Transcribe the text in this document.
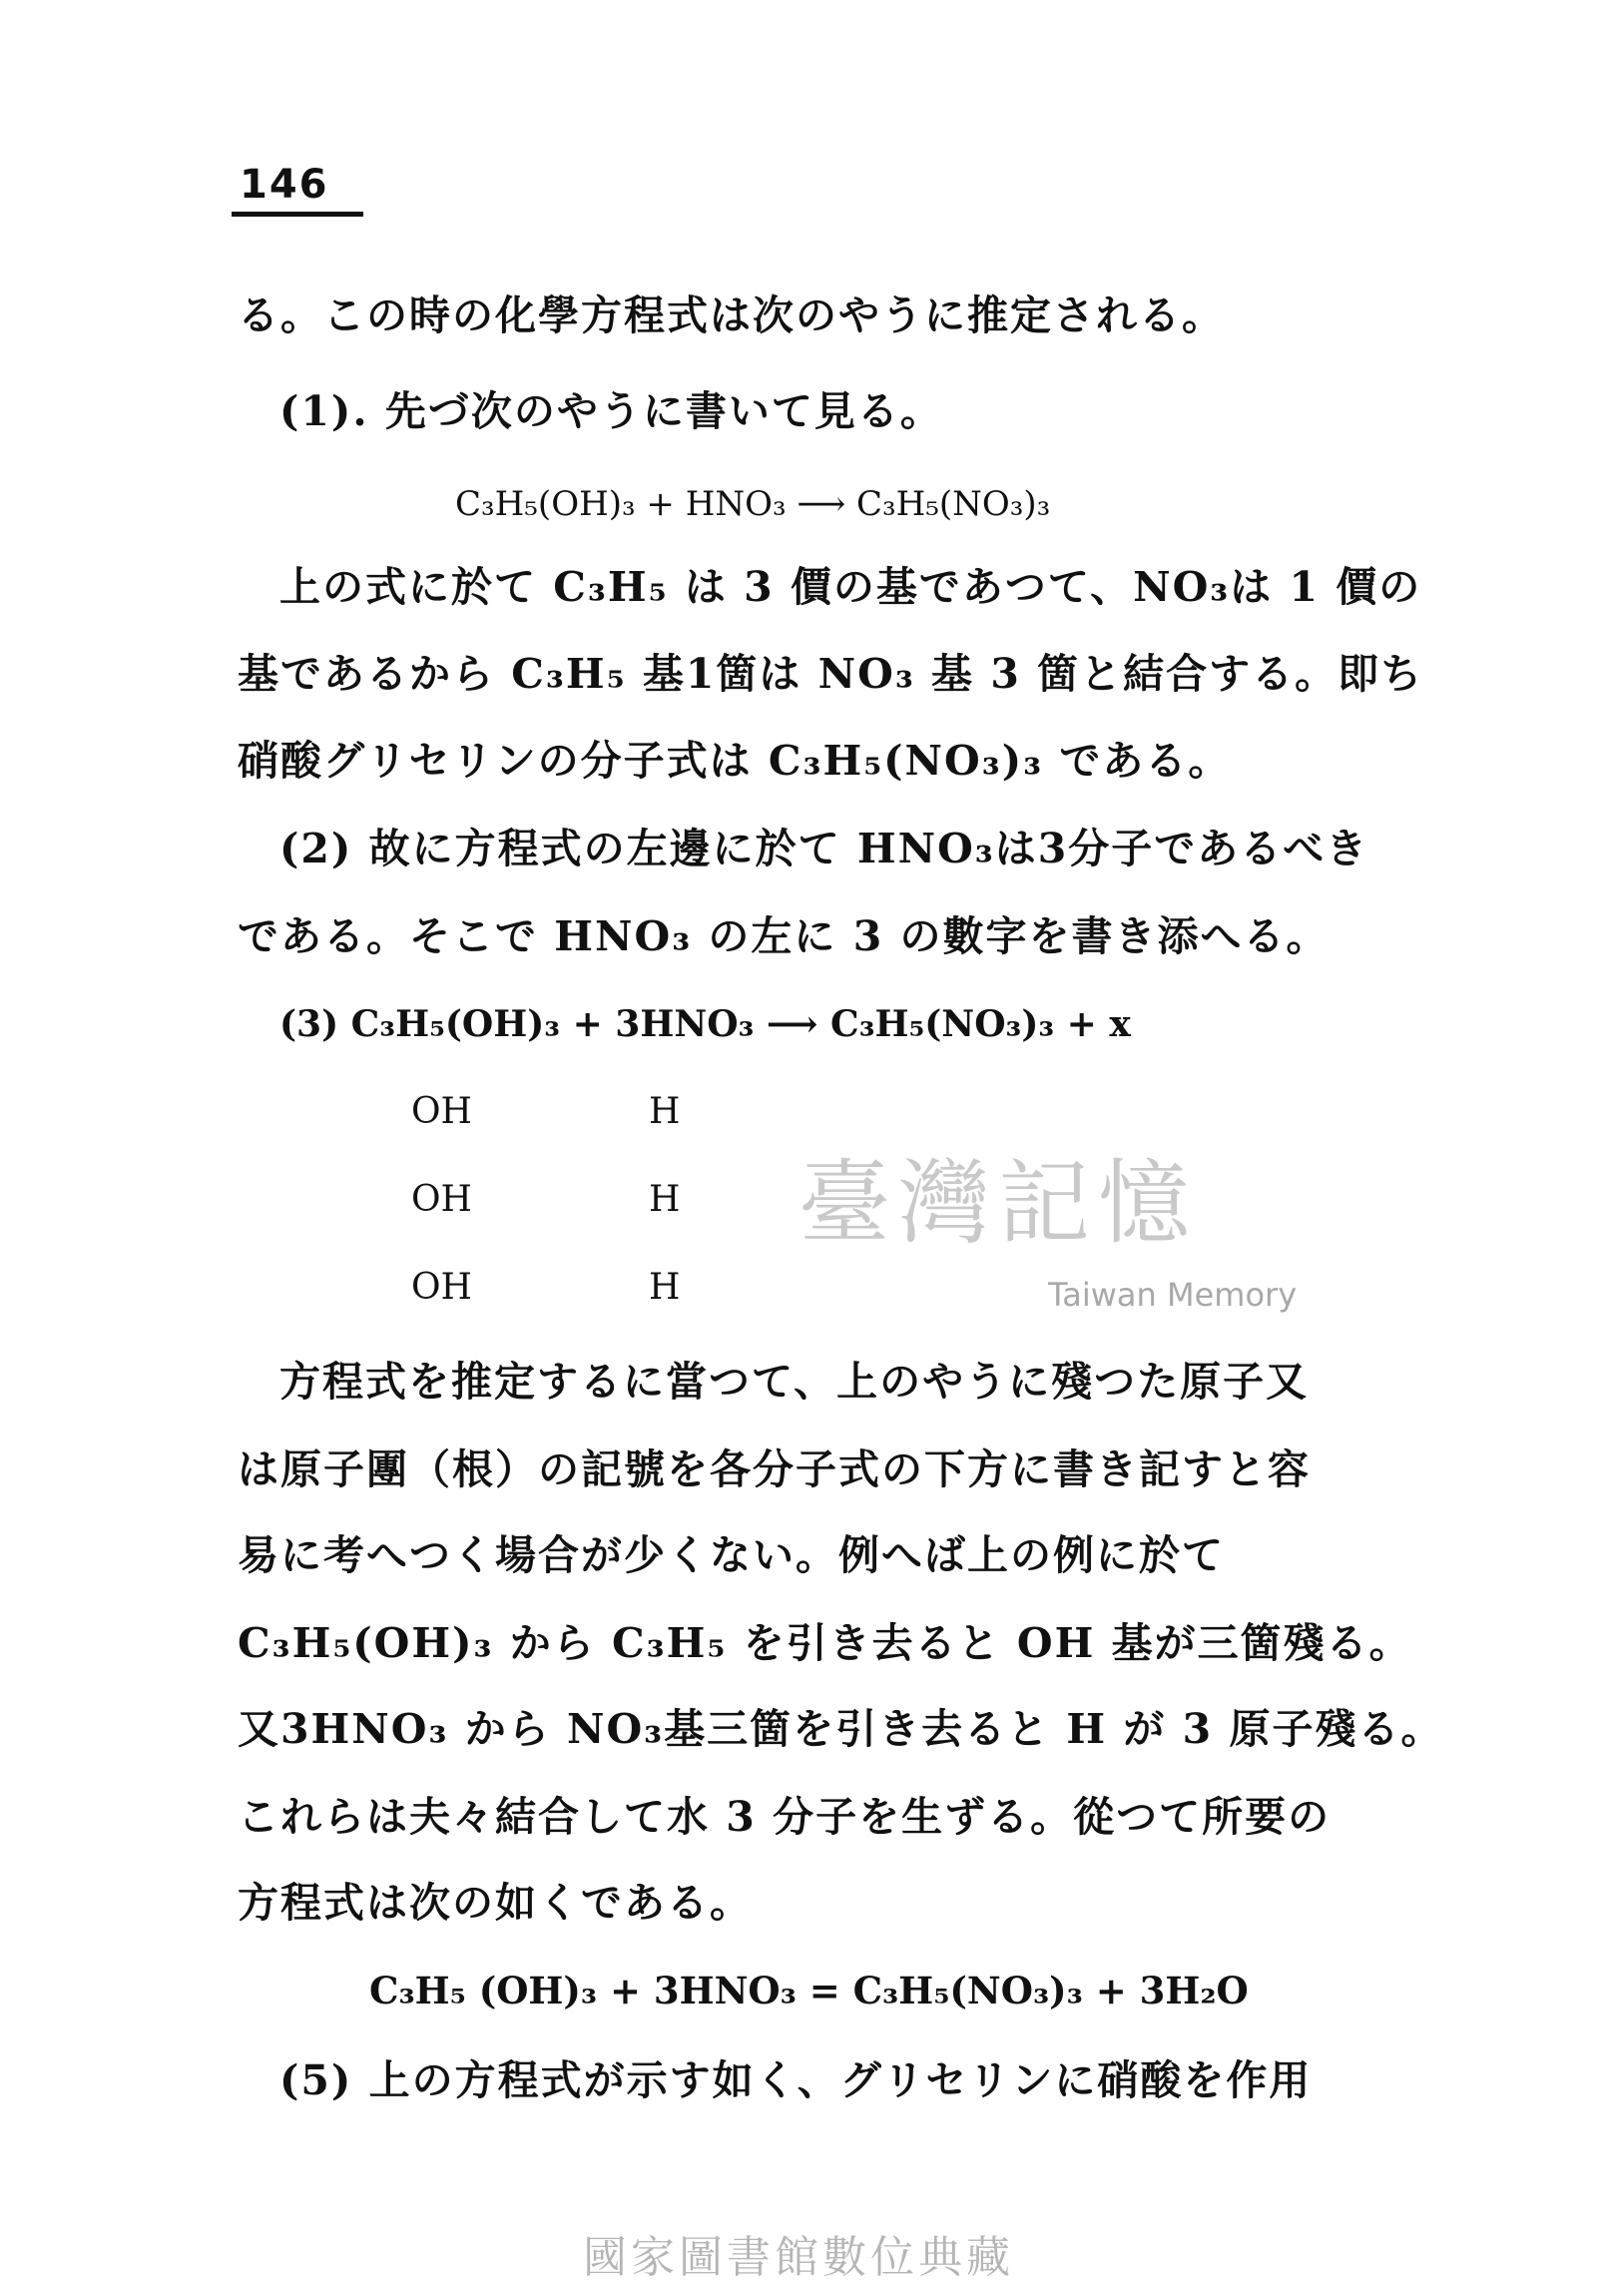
146
る。この時の化學方程式は次のやうに推定される。
(1). 先づ次のやうに書いて見る。
C₃H₅(OH)₃ + HNO₃ ⟶ C₃H₅(NO₃)₃
上の式に於て C₃H₅ は 3 價の基であつて、NO₃は 1 價の
基であるから C₃H₅ 基1箇は NO₃ 基 3 箇と結合する。即ち
硝酸グリセリンの分子式は C₃H₅(NO₃)₃ である。
(2) 故に方程式の左邊に於て HNO₃は3分子であるべき
である。そこで HNO₃ の左に 3 の數字を書き添へる。
(3) C₃H₅(OH)₃ + 3HNO₃ ⟶ C₃H₅(NO₃)₃ + x
OH	H
OH	H
OH	H
臺灣記憶
Taiwan Memory
方程式を推定するに當つて、上のやうに殘つた原子又
は原子團（根）の記號を各分子式の下方に書き記すと容
易に考へつく場合が少くない。例へば上の例に於て
C₃H₅(OH)₃ から C₃H₅ を引き去ると OH 基が三箇殘る。
又3HNO₃ から NO₃基三箇を引き去ると H が 3 原子殘る。
これらは夫々結合して水 3 分子を生ずる。從つて所要の
方程式は次の如くである。
C₃H₅ (OH)₃ + 3HNO₃ = C₃H₅(NO₃)₃ + 3H₂O
(5) 上の方程式が示す如く、グリセリンに硝酸を作用
國家圖書館數位典藏
